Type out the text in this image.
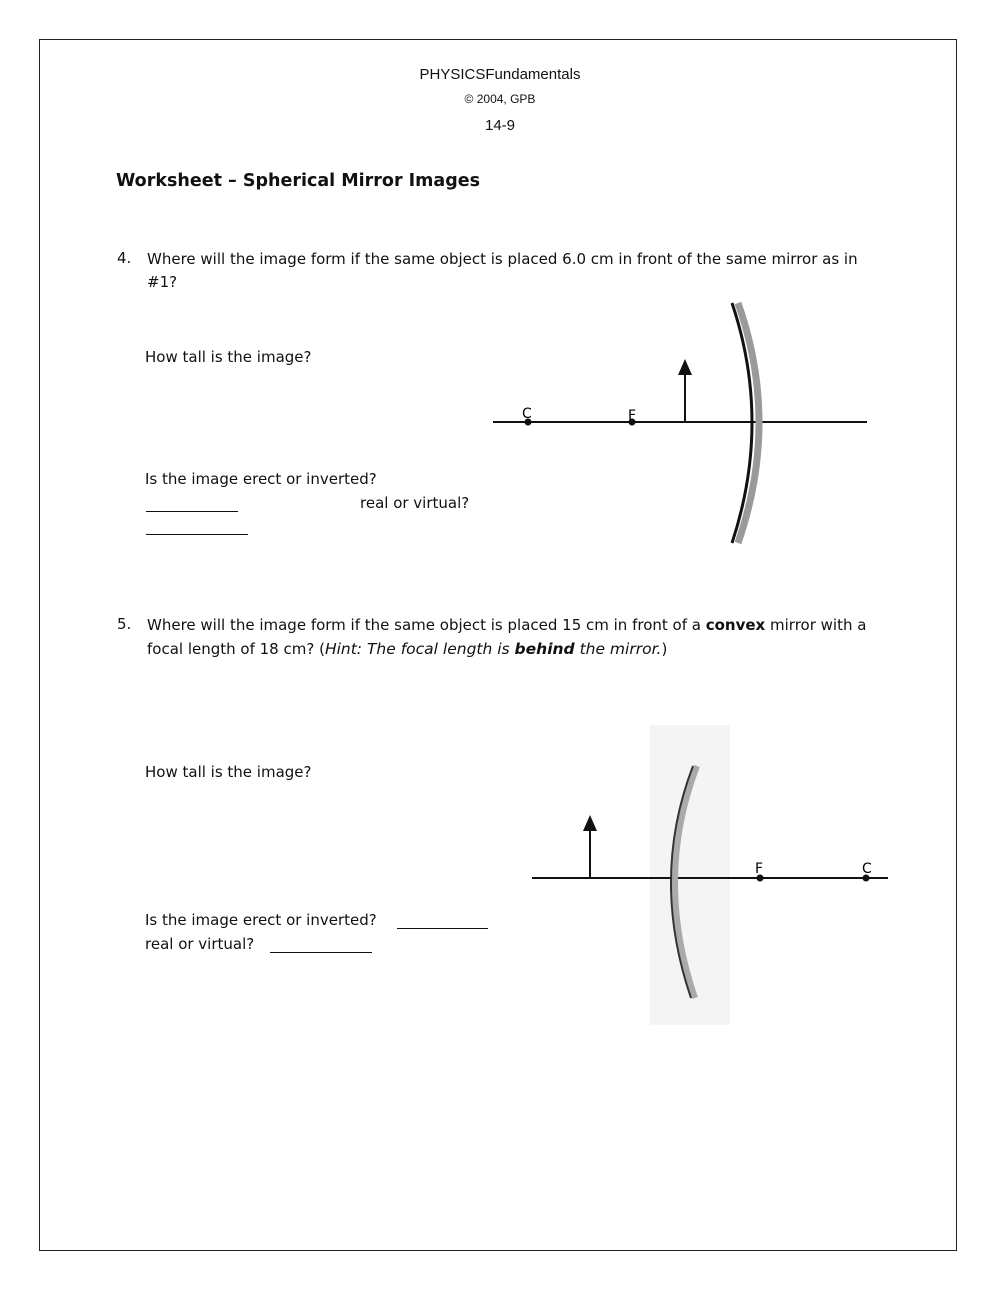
PHYSICSFundamentals
© 2004, GPB
14-9
Worksheet – Spherical Mirror Images
4. Where will the image form if the same object is placed 6.0 cm in front of the same mirror as in
#1?
How tall is the image?
Is the image erect or inverted?
real or virtual?
C	F
5. Where will the image form if the same object is placed 15 cm in front of a convex mirror with a
focal length of 18 cm? (Hint: The focal length is behind the mirror.)
How tall is the image?
Is the image erect or inverted?
real or virtual?
F	C
